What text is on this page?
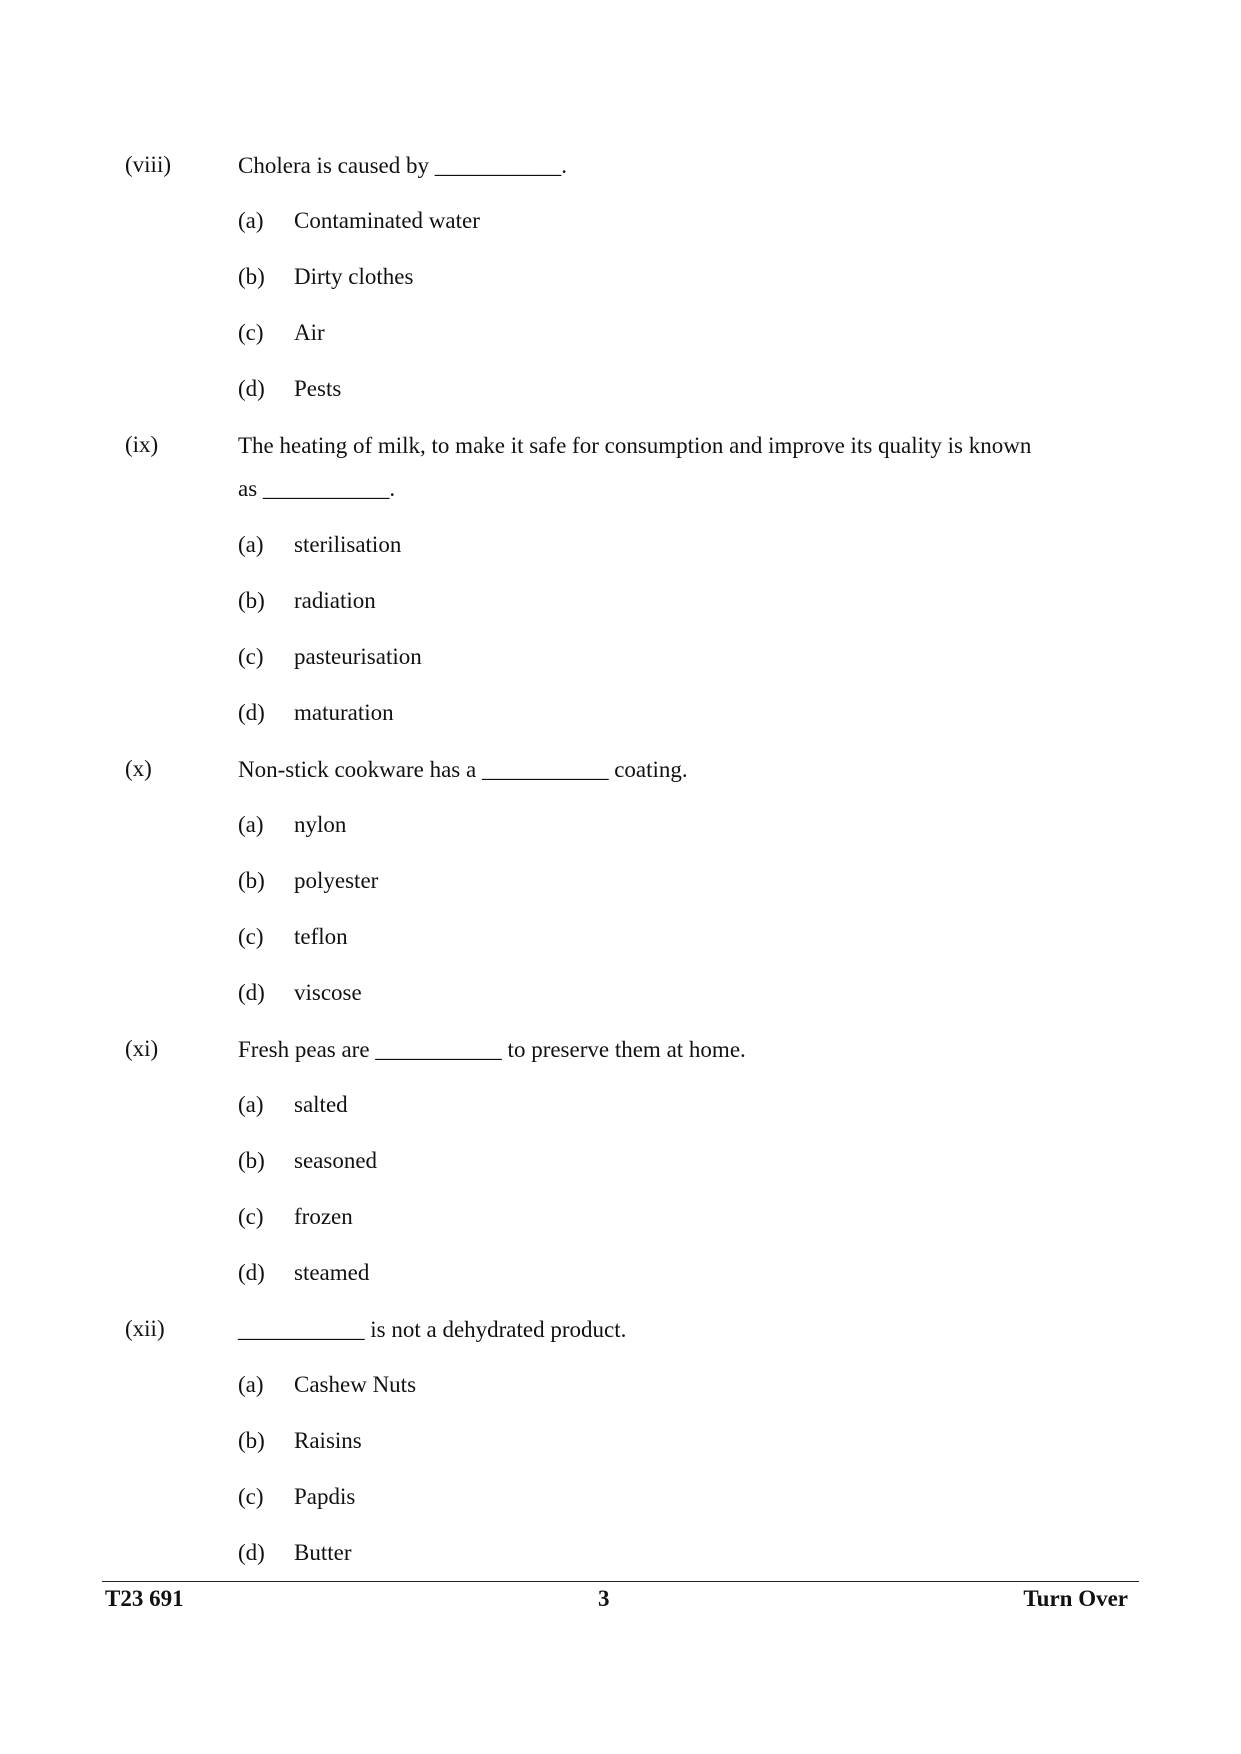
(viii)	Cholera is caused by ___________.
(a) Contaminated water
(b) Dirty clothes
(c) Air
(d) Pests
(ix)	The heating of milk, to make it safe for consumption and improve its quality is known as ___________.
(a) sterilisation
(b) radiation
(c) pasteurisation
(d) maturation
(x)	Non-stick cookware has a ___________ coating.
(a) nylon
(b) polyester
(c) teflon
(d) viscose
(xi)	Fresh peas are ___________ to preserve them at home.
(a) salted
(b) seasoned
(c) frozen
(d) steamed
(xii)	___________ is not a dehydrated product.
(a) Cashew Nuts
(b) Raisins
(c) Papdis
(d) Butter
T23 691	3	Turn Over
